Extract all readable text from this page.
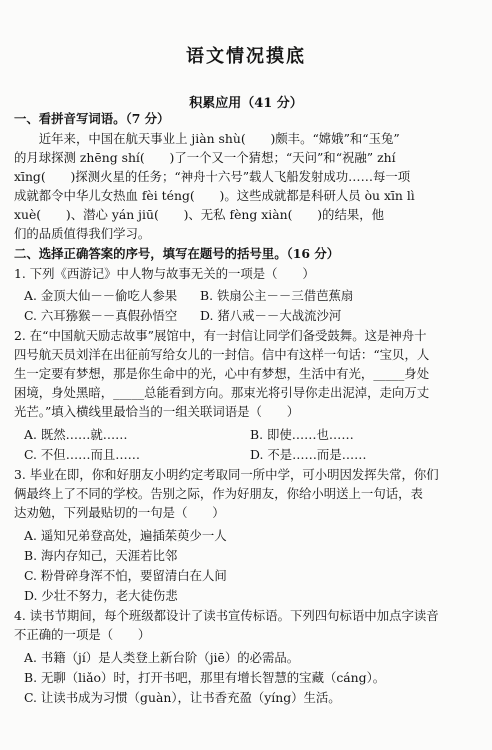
语文情况摸底
积累应用（41 分）
一、看拼音写词语。（7 分）
　　近年来，中国在航天事业上 jiàn shù(　　)颇丰。“嫦娥”和“玉兔”
的月球探测 zhēng shí(　　)了一个又一个猜想；“天问”和“祝融” zhí
xīng(　　)探测火星的任务；“神舟十六号”载人飞船发射成功……每一项
成就都令中华儿女热血 fèi téng(　　)。这些成就都是科研人员 òu xīn lì
xuè(　　)、潜心 yán jiū(　　)、无私 fèng xiàn(　　)的结果，他
们的品质值得我们学习。
二、选择正确答案的序号，填写在题号的括号里。（16 分）
1. 下列《西游记》中人物与故事无关的一项是（　　）
A. 金顶大仙－－偷吃人参果 B. 铁扇公主－－三借芭蕉扇
C. 六耳猕猴－－真假孙悟空 D. 猪八戒－－大战流沙河
2. 在“中国航天励志故事”展馆中，有一封信让同学们备受鼓舞。这是神舟十
四号航天员刘洋在出征前写给女儿的一封信。信中有这样一句话：“宝贝，人
生一定要有梦想，那是你生命中的光，心中有梦想，生活中有光，_____身处
困境，身处黑暗，_____总能看到方向。那束光将引导你走出泥淖，走向万丈
光芒。”填入横线里最恰当的一组关联词语是（　　）
A. 既然……就……	B. 即使……也……
C. 不但……而且……	D. 不是……而是……
3. 毕业在即，你和好朋友小明约定考取同一所中学，可小明因发挥失常，你们
俩最终上了不同的学校。告别之际，作为好朋友，你给小明送上一句话，表
达劝勉，下列最贴切的一句是（　　）
A. 遥知兄弟登高处，遍插茱萸少一人
B. 海内存知己，天涯若比邻
C. 粉骨碎身浑不怕，要留清白在人间
D. 少壮不努力，老大徒伤悲
4. 读书节期间，每个班级都设计了读书宣传标语。下列四句标语中加点字读音
不正确的一项是（　　）
A. 书籍（jí）是人类登上新台阶（jiē）的必需品。
B. 无聊（liǎo）时，打开书吧，那里有增长智慧的宝藏（cáng）。
C. 让读书成为习惯（guàn），让书香充盈（yíng）生活。
